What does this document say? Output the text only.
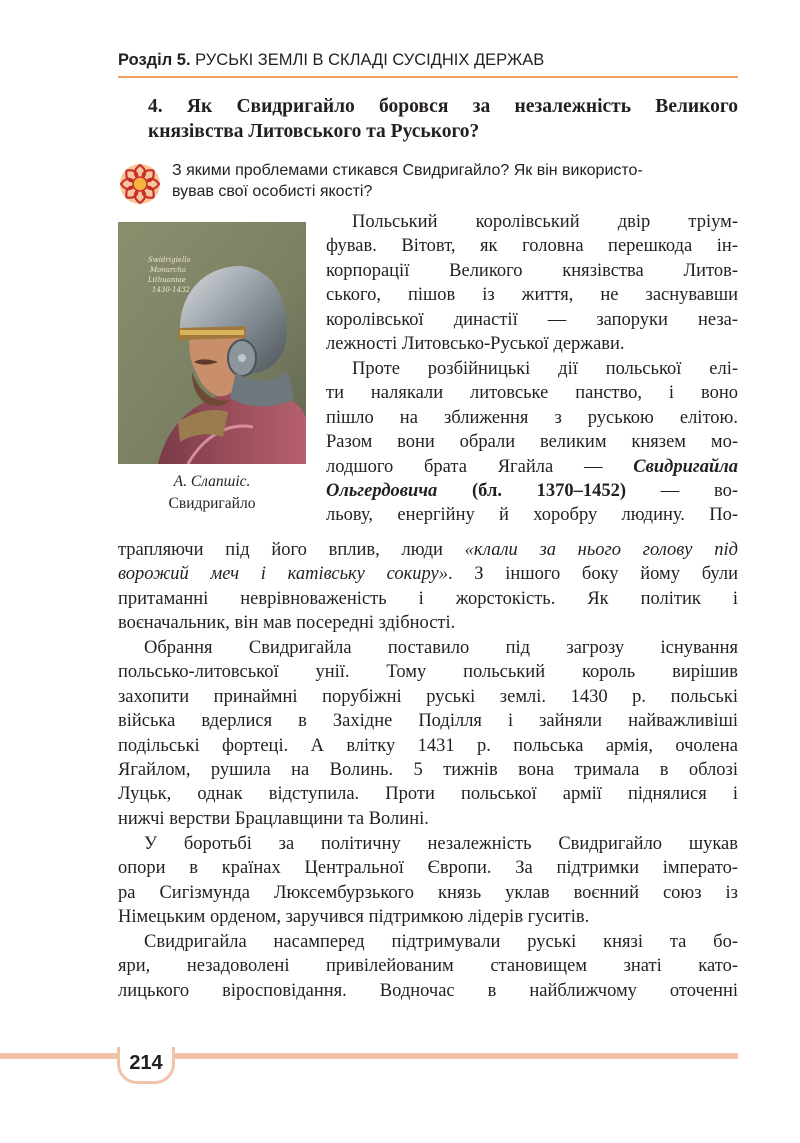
Розділ 5. РУСЬКІ ЗЕМЛІ В СКЛАДІ СУСІДНІХ ДЕРЖАВ
4. Як Свидригайло боровся за незалежність Великого
князівства Литовського та Руського?
З якими проблемами стикався Свидригайло? Як він використо-
вував свої особисті якості?
Swidrigiello
Monarcha
Lithuaniae
1430-1432
А. Слапшіс.
Свидригайло
Польський королівський двір тріум-
фував. Вітовт, як головна перешкода ін-
корпорації Великого князівства Литов-
ського, пішов із життя, не заснувавши
королівської династії — запоруки неза-
лежності Литовсько-Руської держави.
Проте розбійницькі дії польської елі-
ти налякали литовське панство, і воно
пішло на зближення з руською елітою.
Разом вони обрали великим князем мо-
лодшого брата Ягайла — Свидригайла
Ольгердовича (бл. 1370–1452) — во-
льову, енергійну й хоробру людину. По-
трапляючи під його вплив, люди «клали за нього голову під
ворожий меч і катівську сокиру». З іншого боку йому були
притаманні неврівноваженість і жорстокість. Як політик і
воєначальник, він мав посередні здібності.
Обрання Свидригайла поставило під загрозу існування
польсько-литовської унії. Тому польський король вирішив
захопити принаймні порубіжні руські землі. 1430 р. польські
війська вдерлися в Західне Поділля і зайняли найважливіші
подільські фортеці. А влітку 1431 р. польська армія, очолена
Ягайлом, рушила на Волинь. 5 тижнів вона тримала в облозі
Луцьк, однак відступила. Проти польської армії піднялися і
нижчі верстви Брацлавщини та Волині.
У боротьбі за політичну незалежність Свидригайло шукав
опори в країнах Центральної Європи. За підтримки імперато-
ра Сигізмунда Люксембурзького князь уклав воєнний союз із
Німецьким орденом, заручився підтримкою лідерів гуситів.
Свидригайла насамперед підтримували руські князі та бо-
яри, незадоволені привілейованим становищем знаті като-
лицького віросповідання. Водночас в найближчому оточенні
214
